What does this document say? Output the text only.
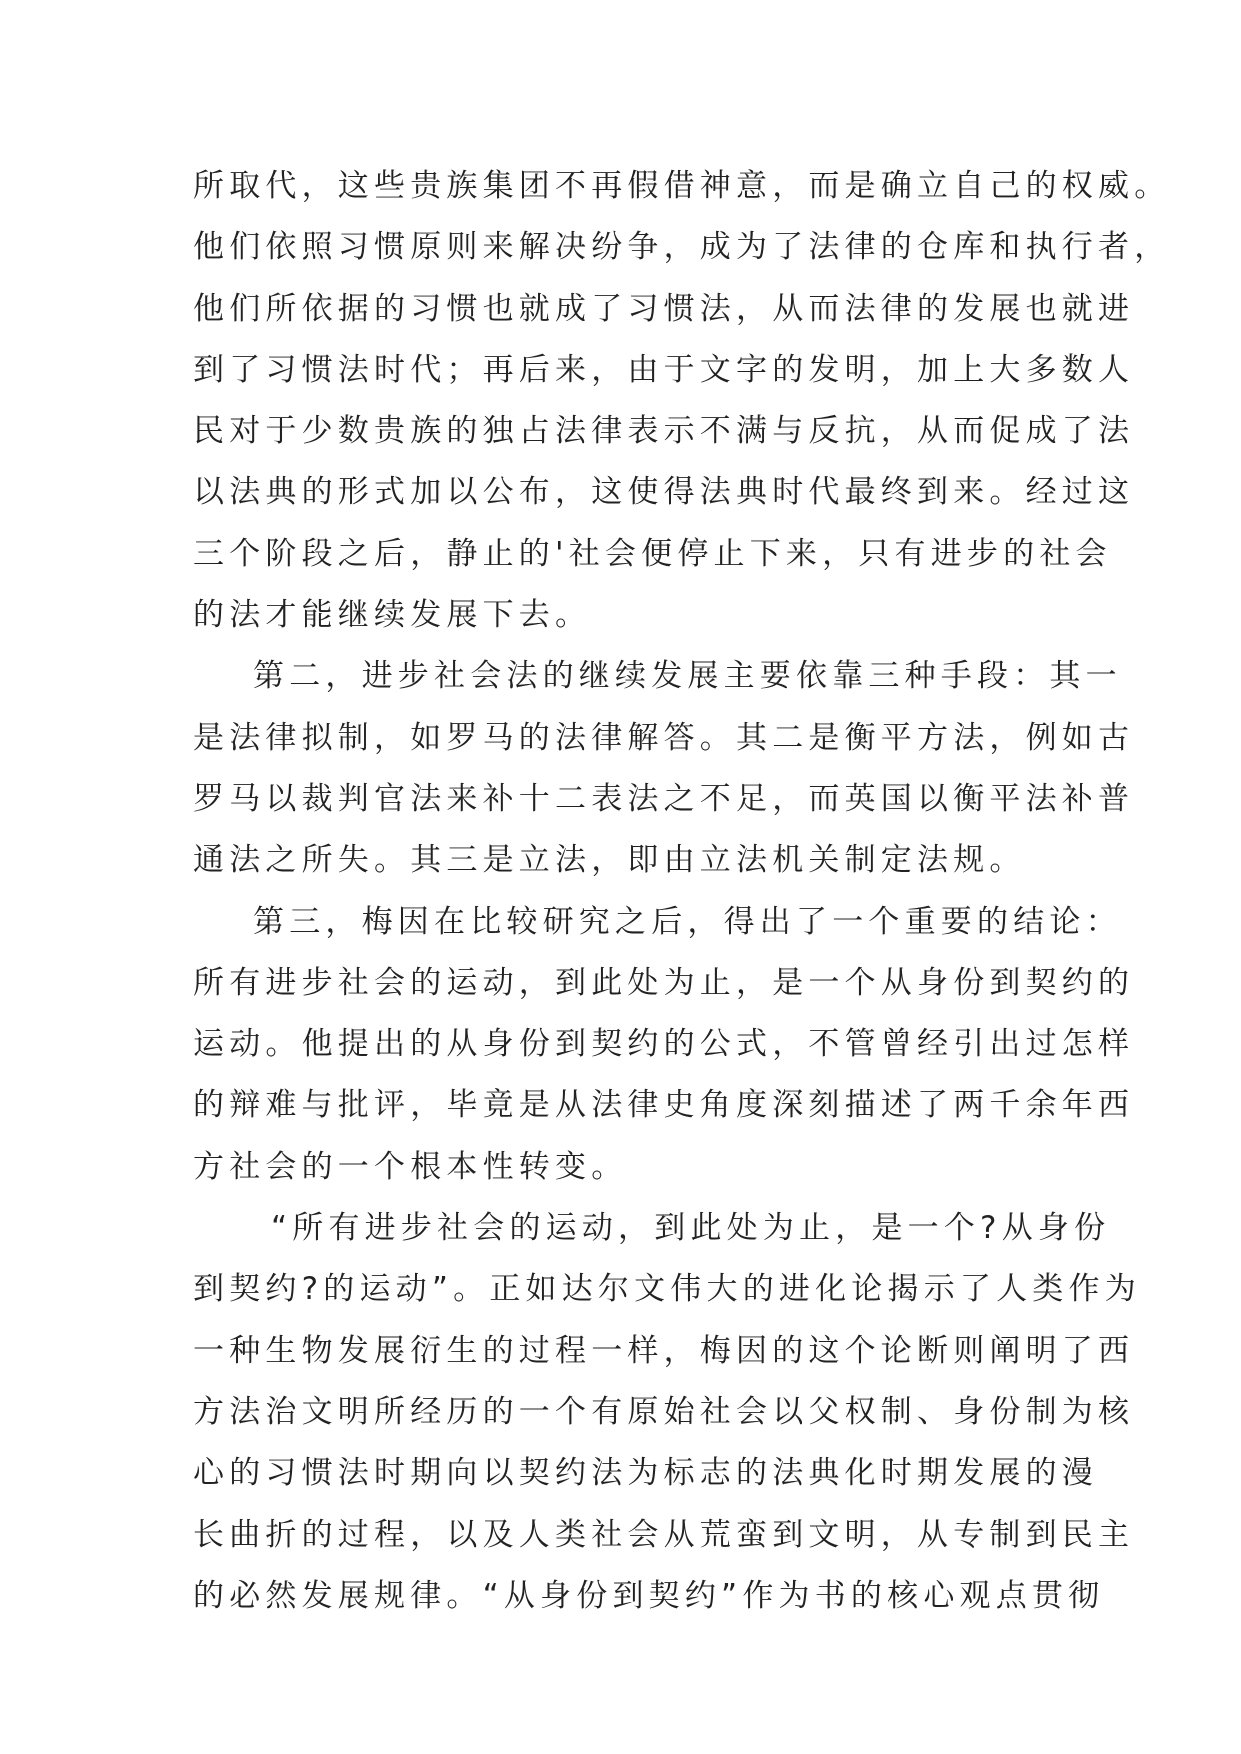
所取代，这些贵族集团不再假借神意，而是确立自己的权威。
他们依照习惯原则来解决纷争，成为了法律的仓库和执行者，
他们所依据的习惯也就成了习惯法，从而法律的发展也就进
到了习惯法时代；再后来，由于文字的发明，加上大多数人
民对于少数贵族的独占法律表示不满与反抗，从而促成了法
以法典的形式加以公布，这使得法典时代最终到来。经过这
三个阶段之后，静止的'社会便停止下来，只有进步的社会
的法才能继续发展下去。
第二，进步社会法的继续发展主要依靠三种手段：其一
是法律拟制，如罗马的法律解答。其二是衡平方法，例如古
罗马以裁判官法来补十二表法之不足，而英国以衡平法补普
通法之所失。其三是立法，即由立法机关制定法规。
第三，梅因在比较研究之后，得出了一个重要的结论：
所有进步社会的运动，到此处为止，是一个从身份到契约的
运动。他提出的从身份到契约的公式，不管曾经引出过怎样
的辩难与批评，毕竟是从法律史角度深刻描述了两千余年西
方社会的一个根本性转变。
“所有进步社会的运动，到此处为止，是一个?从身份
到契约?的运动”。正如达尔文伟大的进化论揭示了人类作为
一种生物发展衍生的过程一样，梅因的这个论断则阐明了西
方法治文明所经历的一个有原始社会以父权制、身份制为核
心的习惯法时期向以契约法为标志的法典化时期发展的漫
长曲折的过程，以及人类社会从荒蛮到文明，从专制到民主
的必然发展规律。“从身份到契约”作为书的核心观点贯彻
